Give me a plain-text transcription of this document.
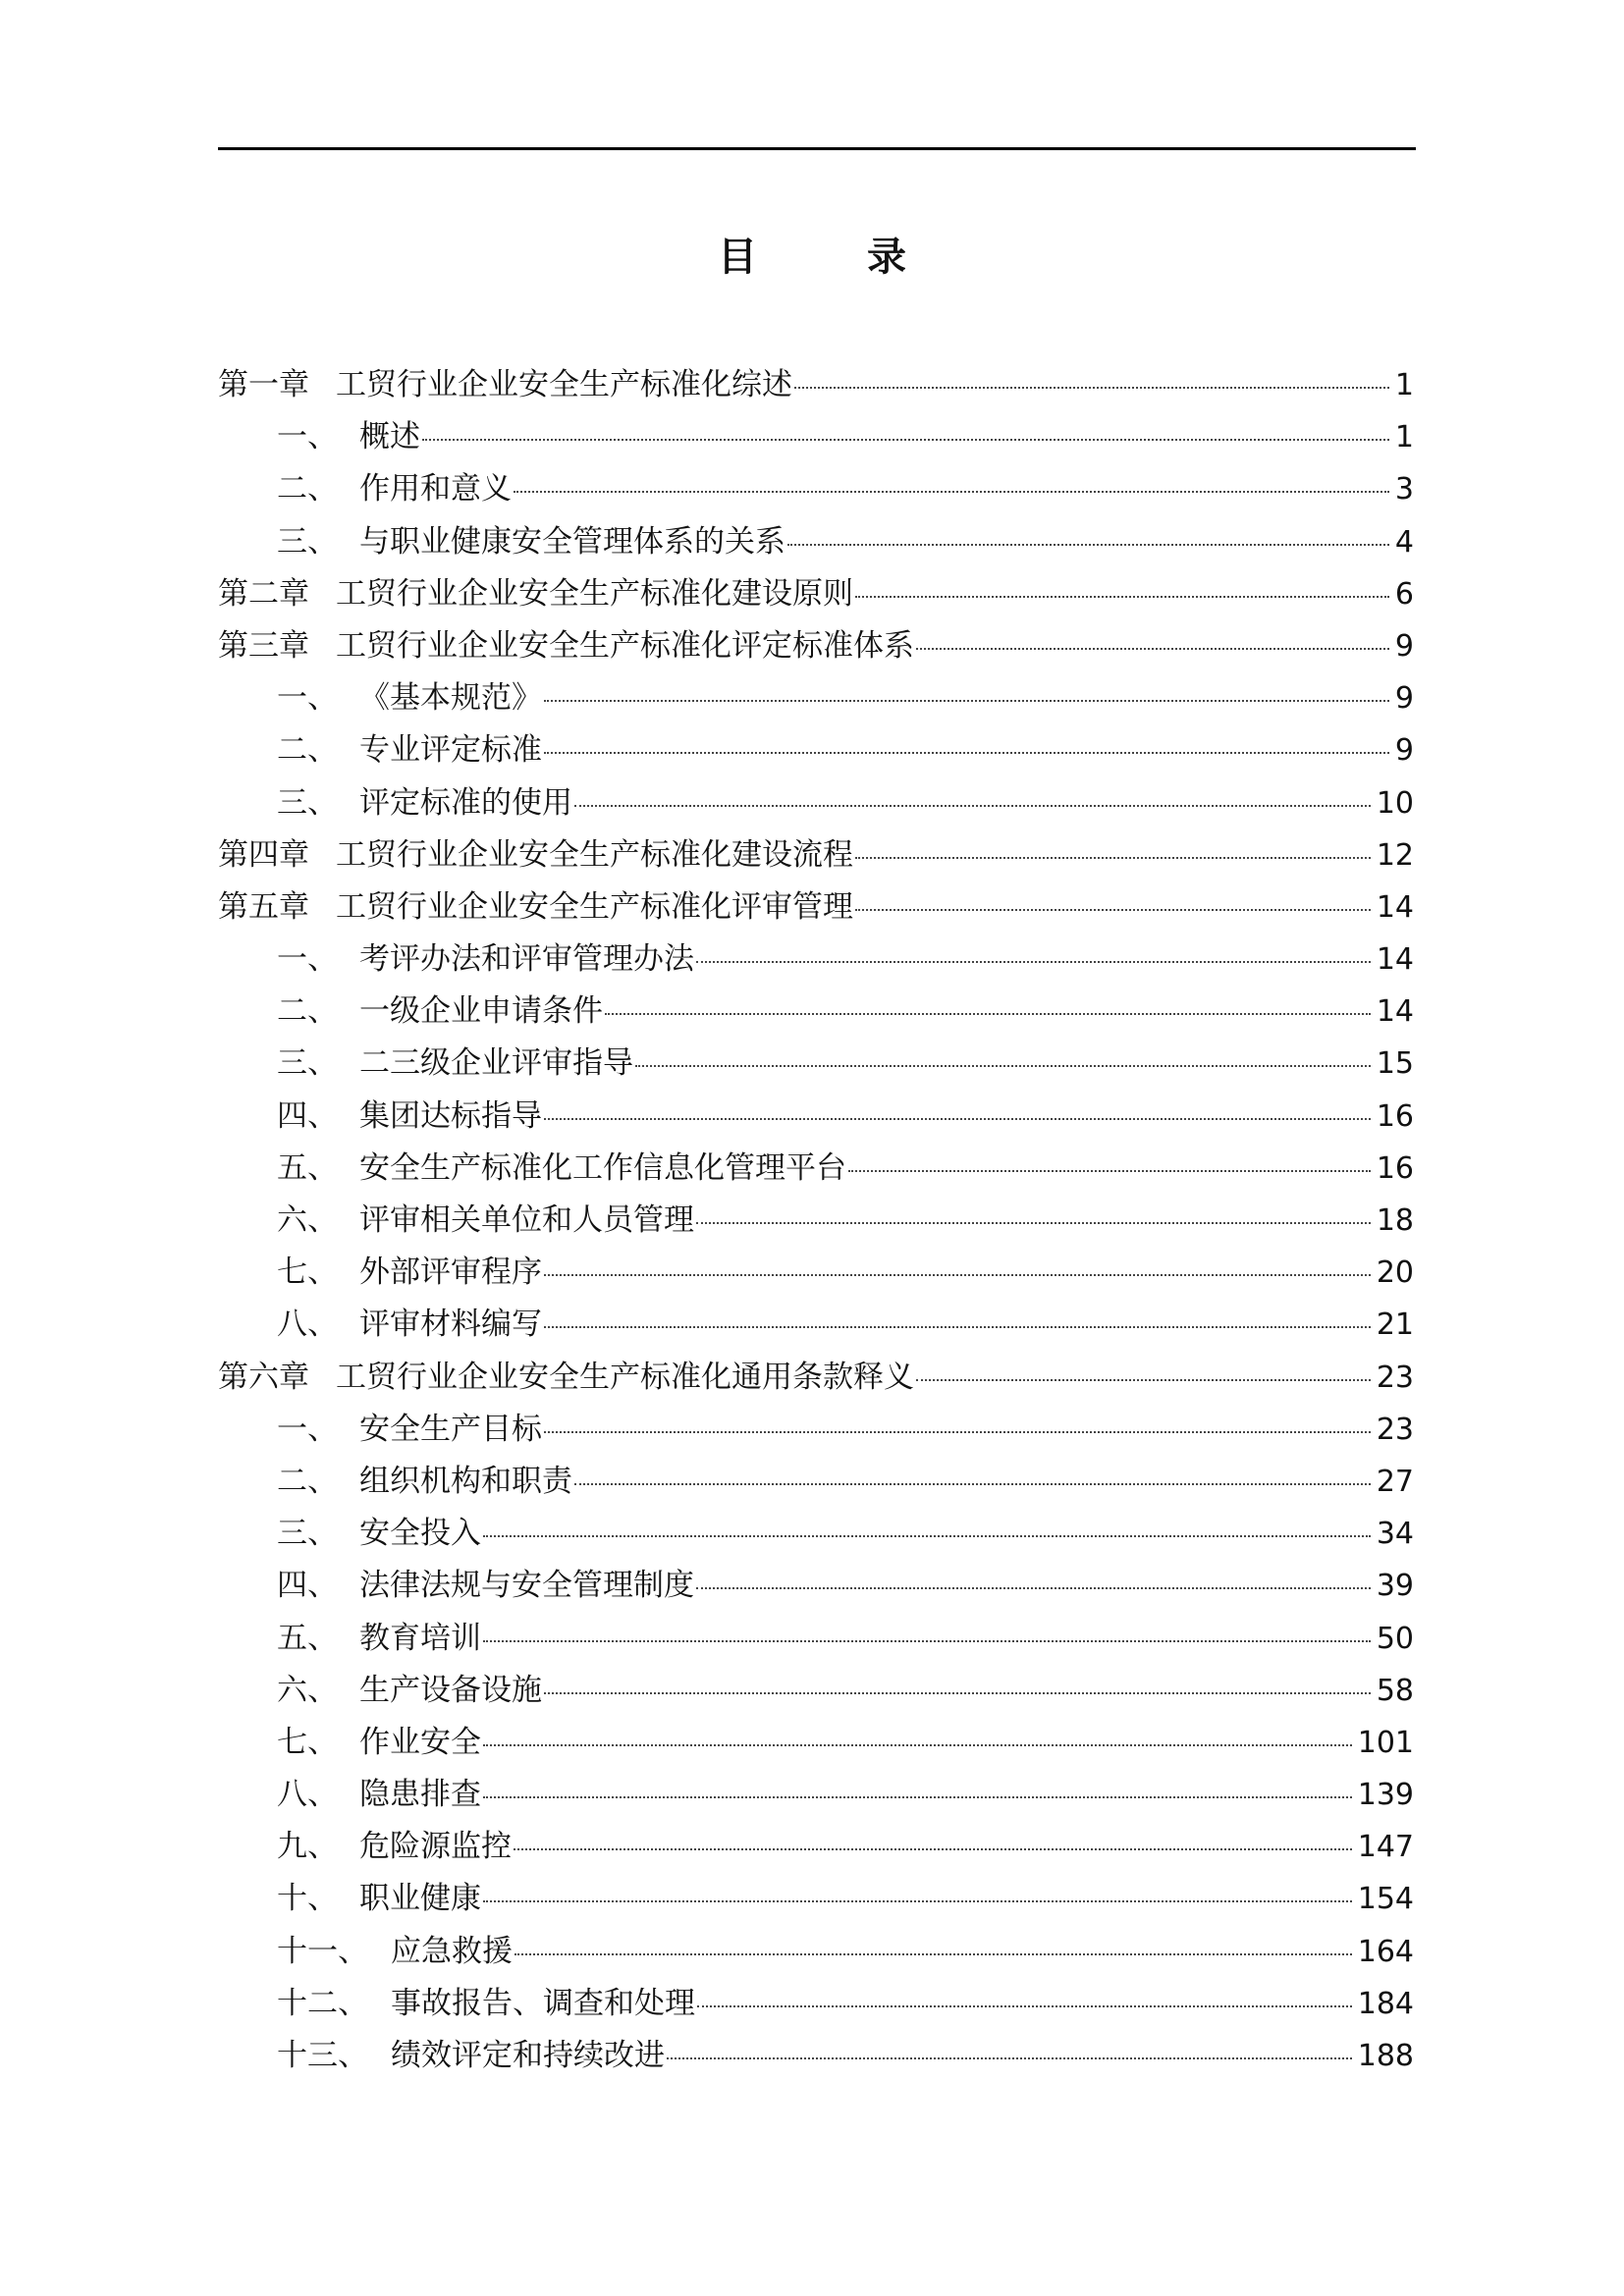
目　录
第一章 工贸行业企业安全生产标准化综述	1
一、 概述	1
二、 作用和意义	3
三、 与职业健康安全管理体系的关系	4
第二章 工贸行业企业安全生产标准化建设原则	6
第三章 工贸行业企业安全生产标准化评定标准体系	9
一、 《基本规范》	9
二、 专业评定标准	9
三、 评定标准的使用	10
第四章 工贸行业企业安全生产标准化建设流程	12
第五章 工贸行业企业安全生产标准化评审管理	14
一、 考评办法和评审管理办法	14
二、 一级企业申请条件	14
三、 二三级企业评审指导	15
四、 集团达标指导	16
五、 安全生产标准化工作信息化管理平台	16
六、 评审相关单位和人员管理	18
七、 外部评审程序	20
八、 评审材料编写	21
第六章 工贸行业企业安全生产标准化通用条款释义	23
一、 安全生产目标	23
二、 组织机构和职责	27
三、 安全投入	34
四、 法律法规与安全管理制度	39
五、 教育培训	50
六、 生产设备设施	58
七、 作业安全	101
八、 隐患排查	139
九、 危险源监控	147
十、 职业健康	154
十一、 应急救援	164
十二、 事故报告、调查和处理	184
十三、 绩效评定和持续改进	188
